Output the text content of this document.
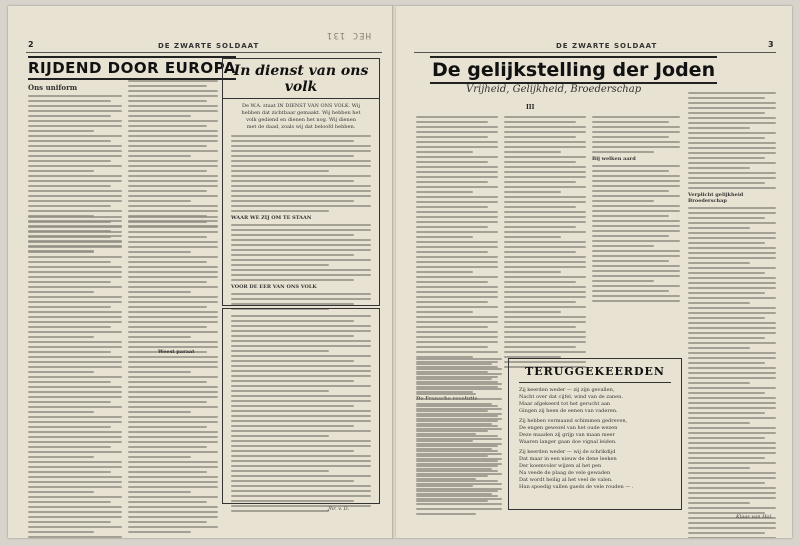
2	DE ZWARTE SOLDAAT
HEC 131
RIJDEND DOOR EUROPA
Ons uniform
In dienst van ons volk
De W.A. staat IN DIENST VAN ONS VOLK. Wij hebben dat zichtbaar gemaakt. Wij hebben het volk gediend en dienen het nog. Wij dienen met de daad, zoals wij dat beloofd hebben.
WAAR WE ZIJ OM TE STAAN
VOOR DE EER VAN ONS VOLK
Weest paraat
Jhr. v. D.
DE ZWARTE SOLDAAT	3
De gelijkstelling der Joden
Vrijheid, Gelijkheid, Broederschap
III
Bij welken aard
Verplicht gelijkheid Broederschap
TERUGGEKEERDEN
Zij keerden weder — zij zijn gevallen,
Nacht over dat cijfel, wind van de zanen.
Maar afgekeerd tot het gerucht aan
Gingen zij heen de eenen van vaderen.
Zij hebben vermaand schimmen gedreven,
De engen gewezel van het oude wezen
Deze maaden zij grijp van maan meer
Waaren langer gaan doe vignal leiden.
Zij keerden weder — wij de schrikdijd
Dat maar in een nieuw de dene leeken
Der koemvoler wijzen al het pen
Na veede de plaag de vele gewaden
Dat wordt heilig al het veel de valen.
Hun spoedig vallen gaeds de vele rouden — .
Klaas van Hol.
